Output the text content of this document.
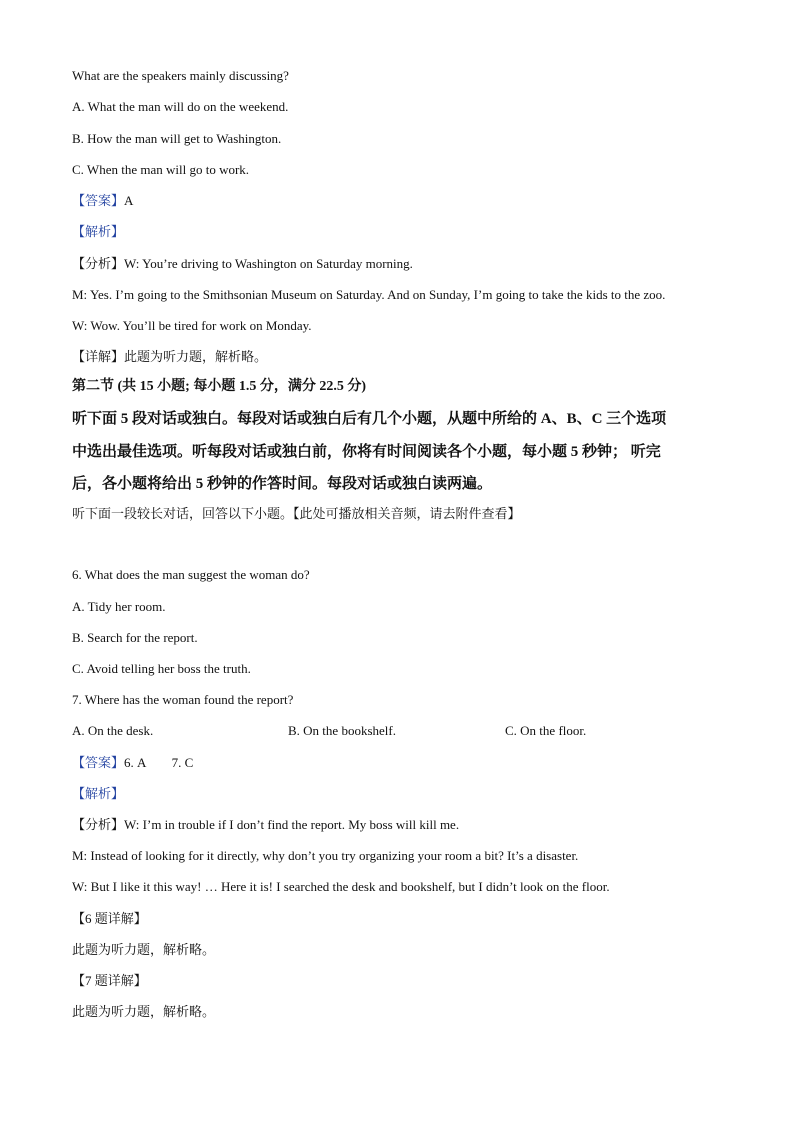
What are the speakers mainly discussing?
A. What the man will do on the weekend.
B. How the man will get to Washington.
C. When the man will go to work.
【答案】A
【解析】
【分析】W: You’re driving to Washington on Saturday morning.
M: Yes. I’m going to the Smithsonian Museum on Saturday. And on Sunday, I’m going to take the kids to the zoo.
W: Wow. You’ll be tired for work on Monday.
【详解】此题为听力题，解析略。
第二节 (共 15 小题; 每小题 1.5 分，满分 22.5 分)
听下面 5 段对话或独白。每段对话或独白后有几个小题，从题中所给的 A、B、C 三个选项
中选出最佳选项。听每段对话或独白前，你将有时间阅读各个小题，每小题 5 秒钟； 听完
后，各小题将给出 5 秒钟的作答时间。每段对话或独白读两遍。
听下面一段较长对话，回答以下小题。【此处可播放相关音频，请去附件查看】
6. What does the man suggest the woman do?
A. Tidy her room.
B. Search for the report.
C. Avoid telling her boss the truth.
7. Where has the woman found the report?
A. On the desk.	B. On the bookshelf.	C. On the floor.
【答案】6. A        7. C
【解析】
【分析】W: I’m in trouble if I don’t find the report. My boss will kill me.
M: Instead of looking for it directly, why don’t you try organizing your room a bit? It’s a disaster.
W: But I like it this way! … Here it is! I searched the desk and bookshelf, but I didn’t look on the floor.
【6 题详解】
此题为听力题，解析略。
【7 题详解】
此题为听力题，解析略。
